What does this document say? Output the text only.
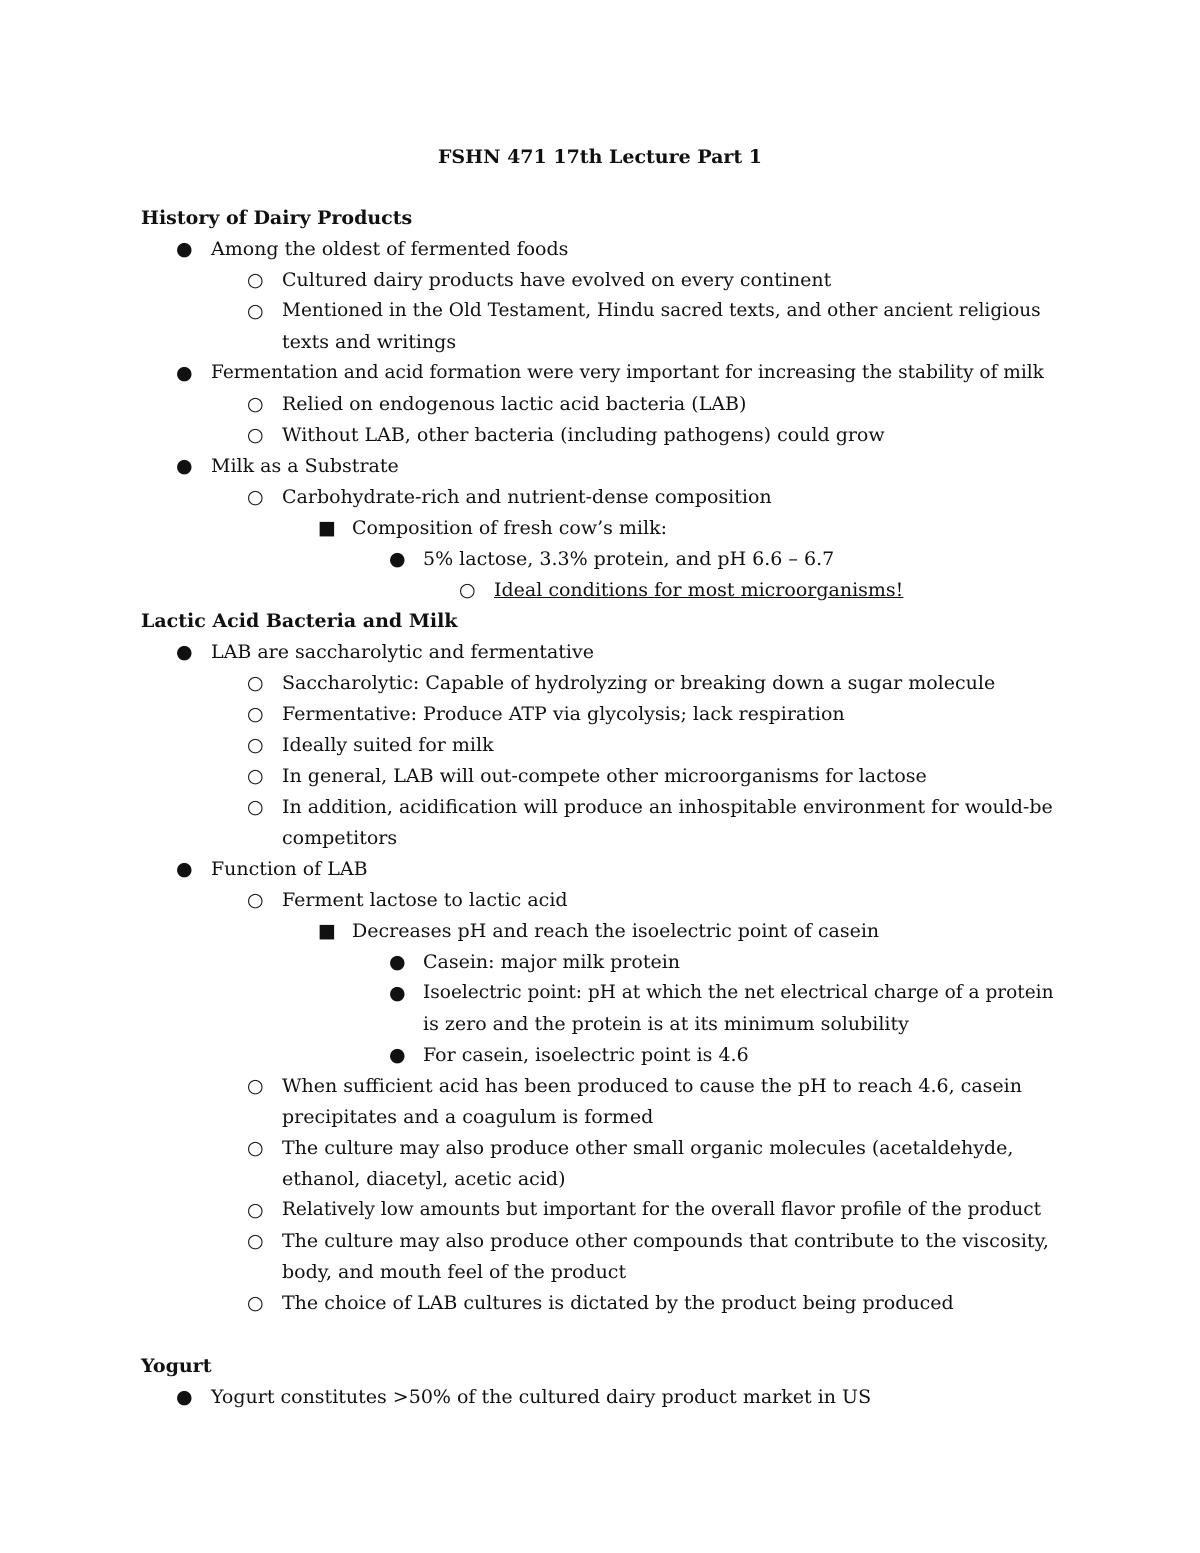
FSHN 471 17th Lecture Part 1
History of Dairy Products
● Among the oldest of fermented foods

○ Cultured dairy products have evolved on every continent

○ Mentioned in the Old Testament, Hindu sacred texts, and other ancient religious

texts and writings

● Fermentation and acid formation were very important for increasing the stability of milk

○ Relied on endogenous lactic acid bacteria (LAB)

○ Without LAB, other bacteria (including pathogens) could grow

● Milk as a Substrate

○ Carbohydrate-rich and nutrient-dense composition

■ Composition of fresh cow’s milk:

● 5% lactose, 3.3% protein, and pH 6.6 – 6.7

○ Ideal conditions for most microorganisms!

Lactic Acid Bacteria and Milk
● LAB are saccharolytic and fermentative

○ Saccharolytic: Capable of hydrolyzing or breaking down a sugar molecule

○ Fermentative: Produce ATP via glycolysis; lack respiration

○ Ideally suited for milk

○ In general, LAB will out-compete other microorganisms for lactose

○ In addition, acidification will produce an inhospitable environment for would-be

competitors

● Function of LAB

○ Ferment lactose to lactic acid

■ Decreases pH and reach the isoelectric point of casein

● Casein: major milk protein

● Isoelectric point: pH at which the net electrical charge of a protein

is zero and the protein is at its minimum solubility

● For casein, isoelectric point is 4.6

○ When sufficient acid has been produced to cause the pH to reach 4.6, casein

precipitates and a coagulum is formed

○ The culture may also produce other small organic molecules (acetaldehyde,

ethanol, diacetyl, acetic acid)

○ Relatively low amounts but important for the overall flavor profile of the product

○ The culture may also produce other compounds that contribute to the viscosity,

body, and mouth feel of the product

○ The choice of LAB cultures is dictated by the product being produced

Yogurt
● Yogurt constitutes >50% of the cultured dairy product market in US
